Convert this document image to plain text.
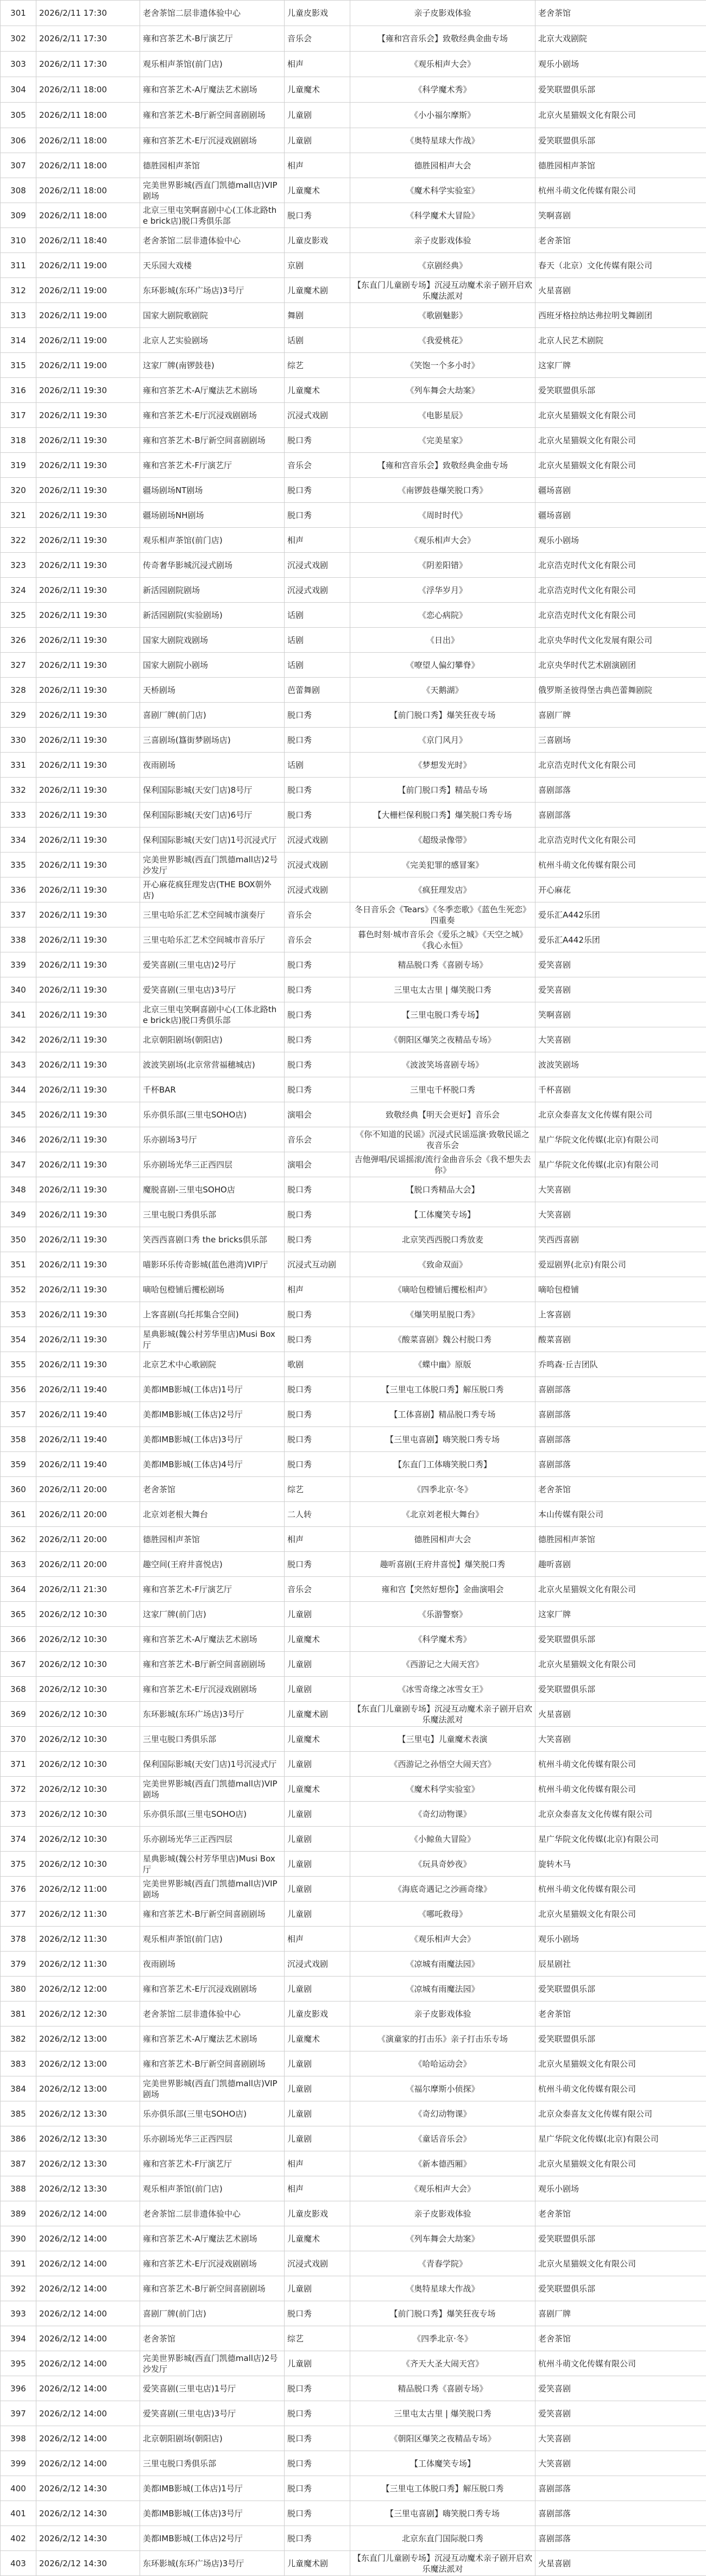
301	2026/2/11 17:30	老舍茶馆二层非遗体验中心	儿童皮影戏	亲子皮影戏体验	老舍茶馆
302	2026/2/11 17:30	雍和宫茶艺术-B厅演艺厅	音乐会	【雍和宫音乐会】致敬经典金曲专场	北京大戏剧院
303	2026/2/11 17:30	观乐相声茶馆(前门店)	相声	《观乐相声大会》	观乐小剧场
304	2026/2/11 18:00	雍和宫茶艺术-A厅魔法艺术剧场	儿童魔术	《科学魔术秀》	爱笑联盟俱乐部
305	2026/2/11 18:00	雍和宫茶艺术-B厅新空间喜剧剧场	儿童剧	《小小福尔摩斯》	北京火星猫娱文化有限公司
306	2026/2/11 18:00	雍和宫茶艺术-E厅沉浸戏剧剧场	儿童剧	《奥特星球大作战》	爱笑联盟俱乐部
307	2026/2/11 18:00	德胜园相声茶馆	相声	德胜园相声大会	德胜园相声茶馆
308	2026/2/11 18:00	完美世界影城(西直门凯德mall店)VIP剧场	儿童魔术	《魔术科学实验室》	杭州斗萌文化传媒有限公司
309	2026/2/11 18:00	北京三里屯笑啊喜剧中心(工体北路the brick店)脱口秀俱乐部	脱口秀	《科学魔术大冒险》	笑啊喜剧
310	2026/2/11 18:40	老舍茶馆二层非遗体验中心	儿童皮影戏	亲子皮影戏体验	老舍茶馆
311	2026/2/11 19:00	天乐园大戏楼	京剧	《京剧经典》	春天（北京）文化传媒有限公司
312	2026/2/11 19:00	东环影城(东环广场店)3号厅	儿童魔术剧	【东直门儿童剧专场】沉浸互动魔术亲子剧开启欢乐魔法派对	火星喜剧
313	2026/2/11 19:00	国家大剧院歌剧院	舞剧	《歌剧魅影》	西班牙格拉纳达弗拉明戈舞剧团
314	2026/2/11 19:00	北京人艺实验剧场	话剧	《我爱桃花》	北京人民艺术剧院
315	2026/2/11 19:00	这家厂牌(南锣鼓巷)	综艺	《笑饱一个多小时》	这家厂牌
316	2026/2/11 19:30	雍和宫茶艺术-A厅魔法艺术剧场	儿童魔术	《列车舞会大劫案》	爱笑联盟俱乐部
317	2026/2/11 19:30	雍和宫茶艺术-E厅沉浸戏剧剧场	沉浸式戏剧	《电影星辰》	北京火星猫娱文化有限公司
318	2026/2/11 19:30	雍和宫茶艺术-B厅新空间喜剧剧场	脱口秀	《完美星家》	北京火星猫娱文化有限公司
319	2026/2/11 19:30	雍和宫茶艺术-F厅演艺厅	音乐会	【雍和宫音乐会】致敬经典金曲专场	北京火星猫娱文化有限公司
320	2026/2/11 19:30	疆场剧场NT剧场	脱口秀	《南锣鼓巷爆笑脱口秀》	疆场喜剧
321	2026/2/11 19:30	疆场剧场NH剧场	脱口秀	《周时时代》	疆场喜剧
322	2026/2/11 19:30	观乐相声茶馆(前门店)	相声	《观乐相声大会》	观乐小剧场
323	2026/2/11 19:30	传奇奢华影城沉浸式剧场	沉浸式戏剧	《阴差阳错》	北京浩克时代文化有限公司
324	2026/2/11 19:30	新活园剧院剧场	沉浸式戏剧	《浮华岁月》	北京浩克时代文化有限公司
325	2026/2/11 19:30	新活园剧院(实验剧场)	话剧	《恋心病院》	北京浩克时代文化有限公司
326	2026/2/11 19:30	国家大剧院戏剧场	话剧	《日出》	北京央华时代文化发展有限公司
327	2026/2/11 19:30	国家大剧院小剧场	话剧	《嘹望人偏幻攀脊》	北京央华时代艺术剧演剧团
328	2026/2/11 19:30	天桥剧场	芭蕾舞剧	《天鹅湖》	俄罗斯圣彼得堡古典芭蕾舞剧院
329	2026/2/11 19:30	喜剧厂牌(前门店)	脱口秀	【前门脱口秀】爆笑狂夜专场	喜剧厂牌
330	2026/2/11 19:30	三喜剧场(簋街梦剧场店)	脱口秀	《京门风月》	三喜剧场
331	2026/2/11 19:30	夜雨剧场	话剧	《梦想发光时》	北京浩克时代文化有限公司
332	2026/2/11 19:30	保利国际影城(天安门店)8号厅	脱口秀	【前门脱口秀】精品专场	喜剧部落
333	2026/2/11 19:30	保利国际影城(天安门店)6号厅	脱口秀	【大栅栏保利脱口秀】爆笑脱口秀专场	喜剧部落
334	2026/2/11 19:30	保利国际影城(天安门店)1号沉浸式厅	沉浸式戏剧	《超级录像带》	北京浩克时代文化有限公司
335	2026/2/11 19:30	完美世界影城(西直门凯德mall店)2号沙发厅	沉浸式戏剧	《完美犯罪的感冒案》	杭州斗萌文化传媒有限公司
336	2026/2/11 19:30	开心麻花疯狂理发店(THE BOX朝外店)	沉浸式戏剧	《疯狂理发店》	开心麻花
337	2026/2/11 19:30	三里屯哈乐汇艺术空间城市演奏厅	音乐会	冬日音乐会《Tears》《冬季恋歌》《蓝色生死恋》四重奏	爱乐汇A442乐团
338	2026/2/11 19:30	三里屯哈乐汇艺术空间城市音乐厅	音乐会	暮色时刻·城市音乐会《爱乐之城》《天空之城》《我心永恒》	爱乐汇A442乐团
339	2026/2/11 19:30	爱笑喜剧(三里屯店)2号厅	脱口秀	精品脱口秀《喜剧专场》	爱笑喜剧
340	2026/2/11 19:30	爱笑喜剧(三里屯店)3号厅	脱口秀	三里屯太古里 | 爆笑脱口秀	爱笑喜剧
341	2026/2/11 19:30	北京三里屯笑啊喜剧中心(工体北路the brick店)脱口秀俱乐部	脱口秀	【三里屯脱口秀专场】	笑啊喜剧
342	2026/2/11 19:30	北京朝阳剧场(朝阳店)	脱口秀	《朝阳区爆笑之夜精品专场》	大笑喜剧
343	2026/2/11 19:30	波波笑剧场(北京常营福穗城店)	脱口秀	《波波笑场喜剧专场》	波波笑剧场
344	2026/2/11 19:30	千杯BAR	脱口秀	三里屯千杯脱口秀	千杯喜剧
345	2026/2/11 19:30	乐亦俱乐部(三里屯SOHO店)	演唱会	致敬经典【明天会更好】音乐会	北京众泰喜友文化传媒有限公司
346	2026/2/11 19:30	乐亦剧场3号厅	音乐会	《你不知道的民谣》沉浸式民谣巡演·致敬民谣之夜音乐会	星广华院文化传媒(北京)有限公司
347	2026/2/11 19:30	乐亦剧场光华三正西四层	演唱会	吉他弹唱/民谣摇滚/流行金曲音乐会《我不想失去你》	星广华院文化传媒(北京)有限公司
348	2026/2/11 19:30	魔脱喜剧-三里屯SOHO店	脱口秀	【脱口秀精品大会】	大笑喜剧
349	2026/2/11 19:30	三里屯脱口秀俱乐部	脱口秀	【工体魔笑专场】	大笑喜剧
350	2026/2/11 19:30	笑西西喜剧口秀 the bricks俱乐部	脱口秀	北京笑西西脱口秀放麦	笑西西喜剧
351	2026/2/11 19:30	喵影环乐传奇影城(蓝色港湾)VIP厅	沉浸式互动剧	《致命双面》	爱逗剧界(北京)有限公司
352	2026/2/11 19:30	嘀哈包橙铺后攫松剧场	相声	《嘀哈包橙铺后攫松相声》	嘀哈包橙铺
353	2026/2/11 19:30	上客喜剧(乌托邦集合空间)	脱口秀	《爆笑明星脱口秀》	上客喜剧
354	2026/2/11 19:30	星典影城(魏公村芳华里店)Musi Box厅	脱口秀	《酸菜喜剧》魏公村脱口秀	酸菜喜剧
355	2026/2/11 19:30	北京艺术中心歌剧院	歌剧	《蝶中幽》原版	乔鸣森·丘吉团队
356	2026/2/11 19:40	美都IMB影城(工体店)1号厅	脱口秀	【三里屯工体脱口秀】解压脱口秀	喜剧部落
357	2026/2/11 19:40	美都IMB影城(工体店)2号厅	脱口秀	【工体喜剧】精品脱口秀专场	喜剧部落
358	2026/2/11 19:40	美都IMB影城(工体店)3号厅	脱口秀	【三里屯喜剧】嗨笑脱口秀专场	喜剧部落
359	2026/2/11 19:40	美都IMB影城(工体店)4号厅	脱口秀	【东直门工体嗨笑脱口秀】	喜剧部落
360	2026/2/11 20:00	老舍茶馆	综艺	《四季北京·冬》	老舍茶馆
361	2026/2/11 20:00	北京刘老根大舞台	二人转	《北京刘老根大舞台》	本山传媒有限公司
362	2026/2/11 20:00	德胜园相声茶馆	相声	德胜园相声大会	德胜园相声茶馆
363	2026/2/11 20:00	趣空间(王府井喜悦店)	脱口秀	趣听喜剧(王府井喜悦】爆笑脱口秀	趣听喜剧
364	2026/2/11 21:30	雍和宫茶艺术-F厅演艺厅	音乐会	雍和宫【突然好想你】金曲演唱会	北京火星猫娱文化有限公司
365	2026/2/12 10:30	这家厂牌(前门店)	儿童剧	《乐游警察》	这家厂牌
366	2026/2/12 10:30	雍和宫茶艺术-A厅魔法艺术剧场	儿童魔术	《科学魔术秀》	爱笑联盟俱乐部
367	2026/2/12 10:30	雍和宫茶艺术-B厅新空间喜剧剧场	儿童剧	《西游记之大闹天宫》	北京火星猫娱文化有限公司
368	2026/2/12 10:30	雍和宫茶艺术-E厅沉浸戏剧剧场	儿童剧	《冰雪奇缘之冰雪女王》	爱笑联盟俱乐部
369	2026/2/12 10:30	东环影城(东环广场店)3号厅	儿童魔术剧	【东直门儿童剧专场】沉浸互动魔术亲子剧开启欢乐魔法派对	火星喜剧
370	2026/2/12 10:30	三里屯脱口秀俱乐部	儿童魔术	【三里屯】儿童魔术表演	大笑喜剧
371	2026/2/12 10:30	保利国际影城(天安门店)1号沉浸式厅	儿童剧	《西游记之孙悟空大闹天宫》	杭州斗萌文化传媒有限公司
372	2026/2/12 10:30	完美世界影城(西直门凯德mall店)VIP剧场	儿童魔术	《魔术科学实验室》	杭州斗萌文化传媒有限公司
373	2026/2/12 10:30	乐亦俱乐部(三里屯SOHO店)	儿童剧	《奇幻动物课》	北京众泰喜友文化传媒有限公司
374	2026/2/12 10:30	乐亦剧场光华三正西四层	儿童剧	《小鲸鱼大冒险》	星广华院文化传媒(北京)有限公司
375	2026/2/12 10:30	星典影城(魏公村芳华里店)Musi Box厅	儿童剧	《玩具奇妙夜》	旋转木马
376	2026/2/12 11:00	完美世界影城(西直门凯德mall店)VIP剧场	儿童剧	《海底奇遇记之沙画奇缘》	杭州斗萌文化传媒有限公司
377	2026/2/12 11:30	雍和宫茶艺术-B厅新空间喜剧剧场	儿童剧	《哪吒救母》	北京火星猫娱文化有限公司
378	2026/2/12 11:30	观乐相声茶馆(前门店)	相声	《观乐相声大会》	观乐小剧场
379	2026/2/12 11:30	夜雨剧场	沉浸式戏剧	《凉城有雨魔法园》	辰星剧社
380	2026/2/12 12:00	雍和宫茶艺术-E厅沉浸戏剧剧场	儿童剧	《凉城有雨魔法园》	爱笑联盟俱乐部
381	2026/2/12 12:30	老舍茶馆二层非遗体验中心	儿童皮影戏	亲子皮影戏体验	老舍茶馆
382	2026/2/12 13:00	雍和宫茶艺术-A厅魔法艺术剧场	儿童魔术	《演童家的打击乐》亲子打击乐专场	爱笑联盟俱乐部
383	2026/2/12 13:00	雍和宫茶艺术-B厅新空间喜剧剧场	儿童剧	《哈哈运动会》	北京火星猫娱文化有限公司
384	2026/2/12 13:00	完美世界影城(西直门凯德mall店)VIP剧场	儿童剧	《福尔摩斯小侦探》	杭州斗萌文化传媒有限公司
385	2026/2/12 13:30	乐亦俱乐部(三里屯SOHO店)	儿童剧	《奇幻动物课》	北京众泰喜友文化传媒有限公司
386	2026/2/12 13:30	乐亦剧场光华三正西四层	儿童剧	《童话音乐会》	星广华院文化传媒(北京)有限公司
387	2026/2/12 13:30	雍和宫茶艺术-F厅演艺厅	相声	《新本德西厢》	北京火星猫娱文化有限公司
388	2026/2/12 13:30	观乐相声茶馆(前门店)	相声	《观乐相声大会》	观乐小剧场
389	2026/2/12 14:00	老舍茶馆二层非遗体验中心	儿童皮影戏	亲子皮影戏体验	老舍茶馆
390	2026/2/12 14:00	雍和宫茶艺术-A厅魔法艺术剧场	儿童魔术	《列车舞会大劫案》	爱笑联盟俱乐部
391	2026/2/12 14:00	雍和宫茶艺术-E厅沉浸戏剧剧场	沉浸式戏剧	《青春学院》	北京火星猫娱文化有限公司
392	2026/2/12 14:00	雍和宫茶艺术-B厅新空间喜剧剧场	儿童剧	《奥特星球大作战》	爱笑联盟俱乐部
393	2026/2/12 14:00	喜剧厂牌(前门店)	脱口秀	【前门脱口秀】爆笑狂夜专场	喜剧厂牌
394	2026/2/12 14:00	老舍茶馆	综艺	《四季北京·冬》	老舍茶馆
395	2026/2/12 14:00	完美世界影城(西直门凯德mall店)2号沙发厅	儿童剧	《齐天大圣大闹天宫》	杭州斗萌文化传媒有限公司
396	2026/2/12 14:00	爱笑喜剧(三里屯店)1号厅	脱口秀	精品脱口秀《喜剧专场》	爱笑喜剧
397	2026/2/12 14:00	爱笑喜剧(三里屯店)3号厅	脱口秀	三里屯太古里 | 爆笑脱口秀	爱笑喜剧
398	2026/2/12 14:00	北京朝阳剧场(朝阳店)	脱口秀	《朝阳区爆笑之夜精品专场》	大笑喜剧
399	2026/2/12 14:00	三里屯脱口秀俱乐部	脱口秀	【工体魔笑专场】	大笑喜剧
400	2026/2/12 14:30	美都IMB影城(工体店)1号厅	脱口秀	【三里屯工体脱口秀】解压脱口秀	喜剧部落
401	2026/2/12 14:30	美都IMB影城(工体店)3号厅	脱口秀	【三里屯喜剧】嗨笑脱口秀专场	喜剧部落
402	2026/2/12 14:30	美都IMB影城(工体店)2号厅	脱口秀	北京东直门国际脱口秀	喜剧部落
403	2026/2/12 14:30	东环影城(东环广场店)3号厅	儿童魔术剧	【东直门儿童剧专场】沉浸互动魔术亲子剧开启欢乐魔法派对	火星喜剧
